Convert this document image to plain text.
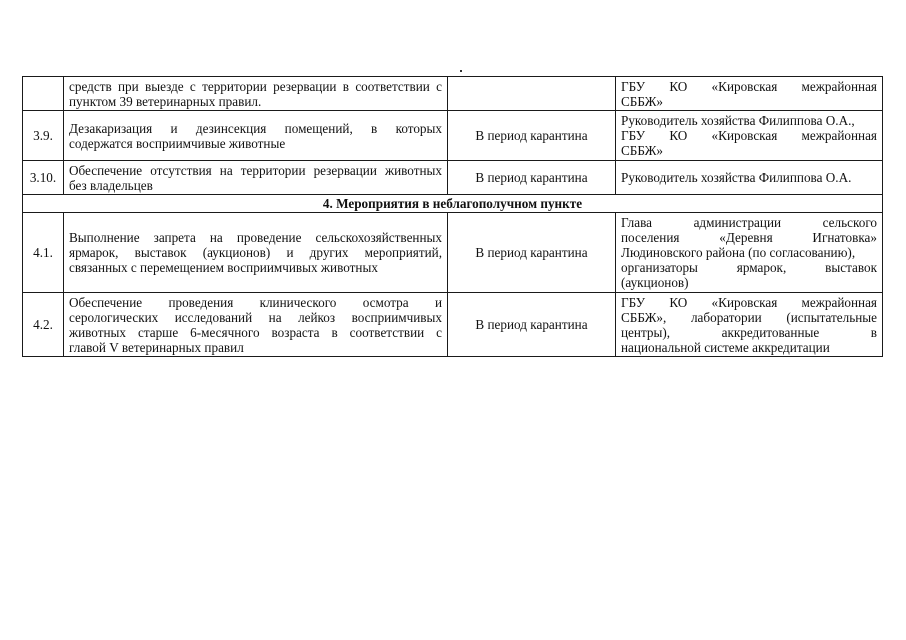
	средств при выезде с территории резервации в соответствии с
пунктом 39 ветеринарных правил.		ГБУ КО «Кировская межрайонная
СББЖ»

3.9.	Дезакаризация и дезинсекция помещений, в которых
содержатся восприимчивые животные	В период карантина	Руководитель хозяйства Филиппова О.А.,
ГБУ КО «Кировская межрайонная
СББЖ»

3.10.	Обеспечение отсутствия на территории резервации животных
без владельцев	В период карантина	Руководитель хозяйства Филиппова О.А.

4. Мероприятия в неблагополучном пункте			
4.1.	Выполнение запрета на проведение сельскохозяйственных
ярмарок, выставок (аукционов) и других мероприятий,
связанных с перемещением восприимчивых животных	В период карантина	Глава администрации сельского
поселения «Деревня Игнатовка»
Людиновского района (по согласованию),
организаторы ярмарок, выставок
(аукционов)

4.2.	Обеспечение проведения клинического осмотра и
серологических исследований на лейкоз восприимчивых
животных старше 6-месячного возраста в соответствии с
главой V ветеринарных правил	В период карантина	ГБУ КО «Кировская межрайонная
СББЖ», лаборатории (испытательные
центры), аккредитованные в
национальной системе аккредитации
